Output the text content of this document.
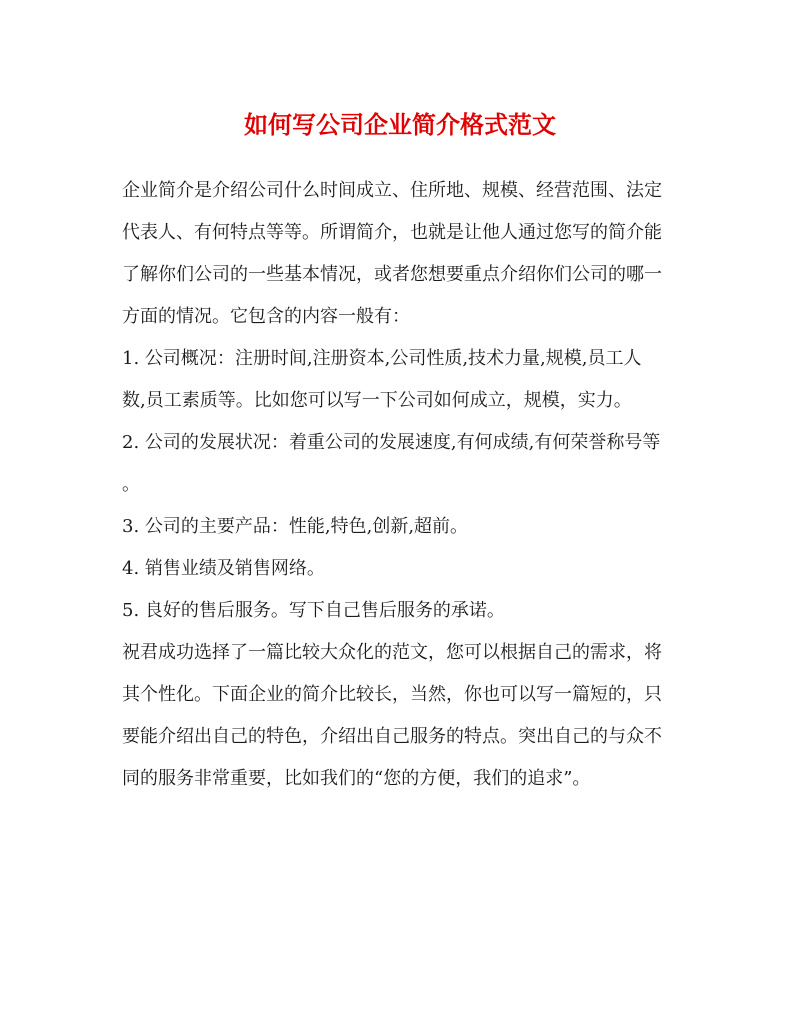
如何写公司企业简介格式范文
企业简介是介绍公司什么时间成立、住所地、规模、经营范围、法定
代表人、有何特点等等。所谓简介，也就是让他人通过您写的简介能
了解你们公司的一些基本情况，或者您想要重点介绍你们公司的哪一
方面的情况。它包含的内容一般有：
1. 公司概况：注册时间,注册资本,公司性质,技术力量,规模,员工人
数,员工素质等。比如您可以写一下公司如何成立，规模，实力。
2. 公司的发展状况：着重公司的发展速度,有何成绩,有何荣誉称号等
。
3. 公司的主要产品：性能,特色,创新,超前。
4. 销售业绩及销售网络。
5. 良好的售后服务。写下自己售后服务的承诺。
祝君成功选择了一篇比较大众化的范文，您可以根据自己的需求，将
其个性化。下面企业的简介比较长，当然，你也可以写一篇短的，只
要能介绍出自己的特色，介绍出自己服务的特点。突出自己的与众不
同的服务非常重要，比如我们的“您的方便，我们的追求”。
